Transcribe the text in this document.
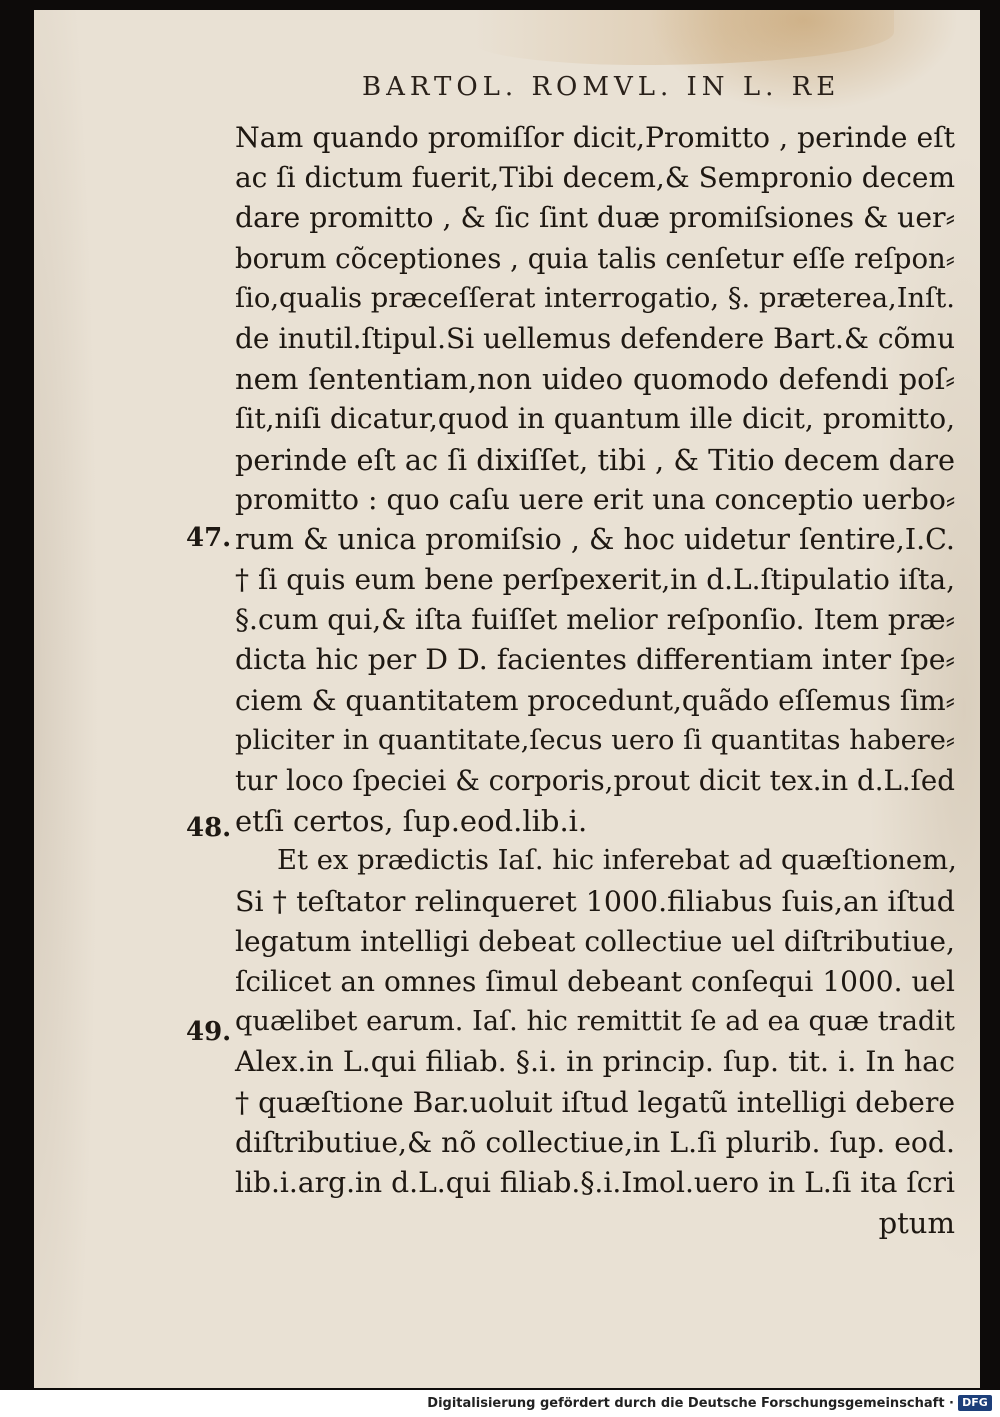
BARTOL. ROMVL. IN L. RE
47.
48.
49.
Nam quando promiſſor dicit,Promitto , perinde eſt
ac ſi dictum fuerit,Tibi decem,& Sempronio decem
dare promitto , & ſic ſint duæ promiſsiones & uer⸗
borum cõceptiones , quia talis cenſetur eſſe reſpon⸗
ſio,qualis præceſſerat interrogatio, §. præterea,Inſt.
de inutil.ſtipul.Si uellemus defendere Bart.& cõmu
nem ſententiam,non uideo quomodo defendi poſ⸗
ſit,niſi dicatur,quod in quantum ille dicit, promitto,
perinde eſt ac ſi dixiſſet, tibi , & Titio decem dare
promitto : quo caſu uere erit una conceptio uerbo⸗
rum & unica promiſsio , & hoc uidetur ſentire,I.C.
† ſi quis eum bene perſpexerit,in d.L.ſtipulatio iſta,
§.cum qui,& iſta fuiſſet melior reſponſio. Item præ⸗
dicta hic per D D. facientes differentiam inter ſpe⸗
ciem & quantitatem procedunt,quãdo eſſemus ſim⸗
pliciter in quantitate,ſecus uero ſi quantitas habere⸗
tur loco ſpeciei & corporis,prout dicit tex.in d.L.ſed
etſi certos, ſup.eod.lib.i.
Et ex prædictis Iaſ. hic inferebat ad quæſtionem,
Si † teſtator relinqueret 1000.filiabus ſuis,an iſtud
legatum intelligi debeat collectiue uel diſtributiue,
ſcilicet an omnes ſimul debeant conſequi 1000. uel
quælibet earum. Iaſ. hic remittit ſe ad ea quæ tradit
Alex.in L.qui filiab. §.i. in princip. ſup. tit. i. In hac
† quæſtione Bar.uoluit iſtud legatũ intelligi debere
diſtributiue,& nõ collectiue,in L.ſi plurib. ſup. eod.
lib.i.arg.in d.L.qui filiab.§.i.Imol.uero in L.ſi ita ſcri
ptum
Digitalisierung gefördert durch die Deutsche Forschungsgemeinschaft · DFG
